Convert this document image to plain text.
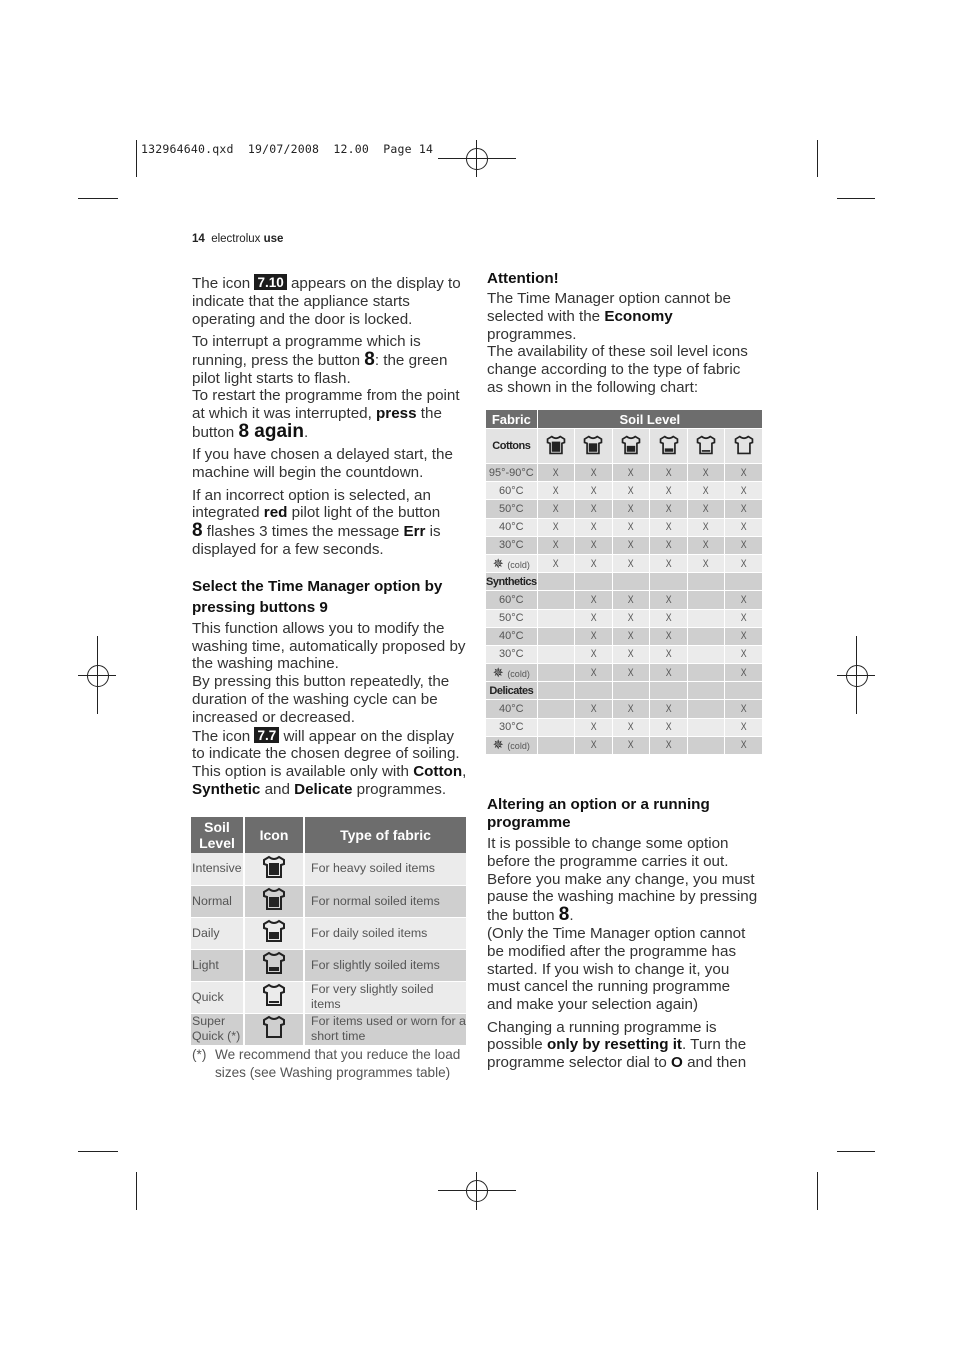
132964640.qxd  19/07/2008  12.00  Page 14
14 electrolux use

The icon 7.10 appears on the display to indicate that the appliance starts operating and the door is locked.

To interrupt a programme which is running, press the button 8: the green pilot light starts to flash.
To restart the programme from the point at which it was interrupted, press the button 8 again.

If you have chosen a delayed start, the machine will begin the countdown.

If an incorrect option is selected, an integrated red pilot light of the button
8 flashes 3 times the message Err is displayed for a few seconds.

Select the Time Manager option by pressing buttons 9

This function allows you to modify the washing time, automatically proposed by the washing machine.
By pressing this button repeatedly, the duration of the washing cycle can be increased or decreased.
The icon 7.7 will appear on the display to indicate the chosen degree of soiling. This option is available only with Cotton, Synthetic and Delicate programmes.

Soil Level	Icon	Type of fabric
Intensive		For heavy soiled items
Normal		For normal soiled items
Daily		For daily soiled items
Light		For slightly soiled items
Quick		For very slightly soiled items
Super Quick (*)		For items used or worn for a short time
(*) We recommend that you reduce the load sizes (see Washing programmes table)
Attention!

The Time Manager option cannot be selected with the Economy programmes.
The availability of these soil level icons change according to the type of fabric as shown in the following chart:

Fabric	Soil Level					
Cottons						
95°-90°C	X	X	X	X	X	X
60°C	X	X	X	X	X	X
50°C	X	X	X	X	X	X
40°C	X	X	X	X	X	X
30°C	X	X	X	X	X	X
✵ (cold)	X	X	X	X	X	X
Synthetics						
60°C		X	X	X		X
50°C		X	X	X		X
40°C		X	X	X		X
30°C		X	X	X		X
✵ (cold)		X	X	X		X
Delicates						
40°C		X	X	X		X
30°C		X	X	X		X
✵ (cold)		X	X	X		X
Altering an option or a running programme

It is possible to change some option before the programme carries it out. Before you make any change, you must pause the washing machine by pressing the button 8.
(Only the Time Manager option cannot be modified after the programme has started. If you wish to change it, you must cancel the running programme and make your selection again)

Changing a running programme is possible only by resetting it. Turn the programme selector dial to O and then
